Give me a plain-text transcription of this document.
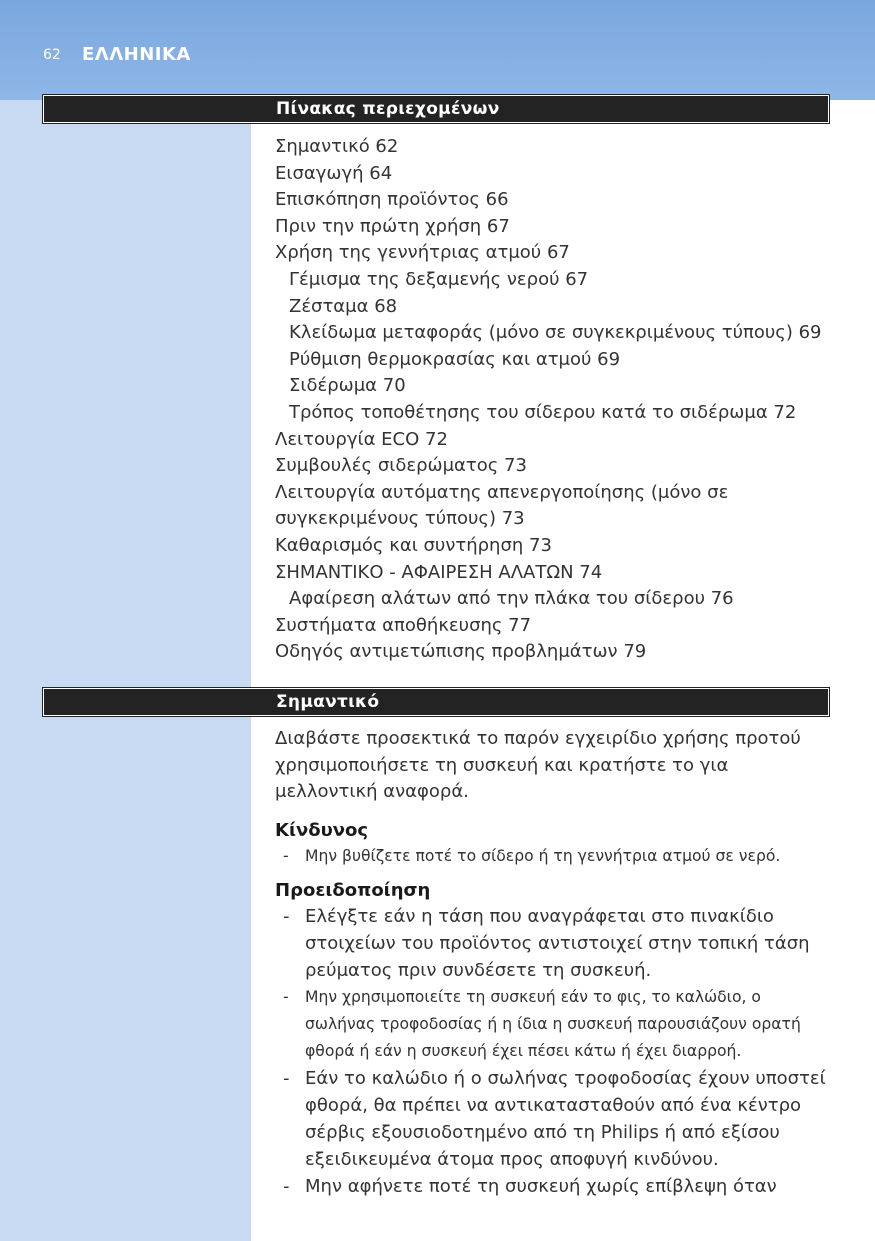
62 ΕΛΛΗΝΙΚΑ
Πίνακας περιεχομένων
Σημαντικό 62
Εισαγωγή 64
Επισκόπηση προϊόντος 66
Πριν την πρώτη χρήση 67
Χρήση της γεννήτριας ατμού 67
Γέμισμα της δεξαμενής νερού 67
Ζέσταμα 68
Κλείδωμα μεταφοράς (μόνο σε συγκεκριμένους τύπους) 69
Ρύθμιση θερμοκρασίας και ατμού 69
Σιδέρωμα 70
Τρόπος τοποθέτησης του σίδερου κατά το σιδέρωμα 72
Λειτουργία ECO 72
Συμβουλές σιδερώματος 73
Λειτουργία αυτόματης απενεργοποίησης (μόνο σε συγκεκριμένους τύπους) 73
Καθαρισμός και συντήρηση 73
ΣΗΜΑΝΤΙΚΟ - ΑΦΑΙΡΕΣΗ ΑΛΑΤΩΝ 74
Αφαίρεση αλάτων από την πλάκα του σίδερου 76
Συστήματα αποθήκευσης 77
Οδηγός αντιμετώπισης προβλημάτων 79
Σημαντικό
Διαβάστε προσεκτικά το παρόν εγχειρίδιο χρήσης προτού χρησιμοποιήσετε τη συσκευή και κρατήστε το για μελλοντική αναφορά.
Κίνδυνος
- Μην βυθίζετε ποτέ το σίδερο ή τη γεννήτρια ατμού σε νερό.
Προειδοποίηση
- Ελέγξτε εάν η τάση που αναγράφεται στο πινακίδιο στοιχείων του προϊόντος αντιστοιχεί στην τοπική τάση ρεύματος πριν συνδέσετε τη συσκευή.
- Μην χρησιμοποιείτε τη συσκευή εάν το φις, το καλώδιο, ο σωλήνας τροφοδοσίας ή η ίδια η συσκευή παρουσιάζουν ορατή φθορά ή εάν η συσκευή έχει πέσει κάτω ή έχει διαρροή.
- Εάν το καλώδιο ή ο σωλήνας τροφοδοσίας έχουν υποστεί φθορά, θα πρέπει να αντικατασταθούν από ένα κέντρο σέρβις εξουσιοδοτημένο από τη Philips ή από εξίσου εξειδικευμένα άτομα προς αποφυγή κινδύνου.
- Μην αφήνετε ποτέ τη συσκευή χωρίς επίβλεψη όταν
